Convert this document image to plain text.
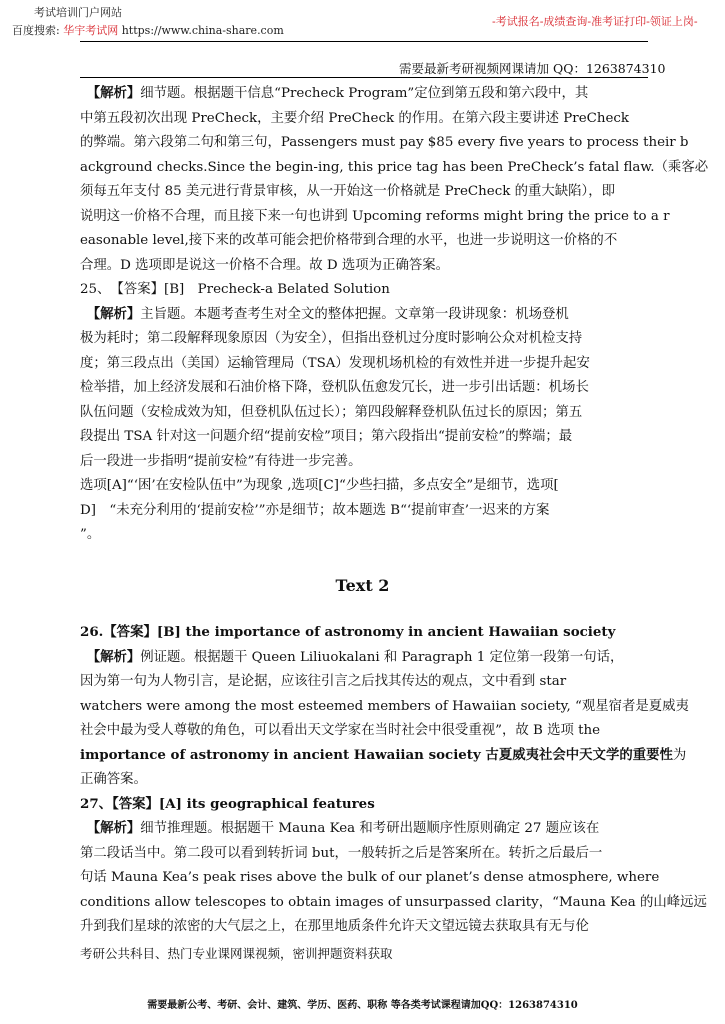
考试培训门户网站
百度搜索: 华宇考试网 https://www.china-share.com
-考试报名-成绩查询-准考证打印-领证上岗-
需要最新考研视频网课请加 QQ：1263874310
　【解析】细节题。根据题干信息“Precheck Program”定位到第五段和第六段中，其
中第五段初次出现 PreCheck，主要介绍 PreCheck 的作用。在第六段主要讲述 PreCheck
的弊端。第六段第二句和第三句，Passengers must pay $85 every five years to process their b
ackground checks.Since the begin-ing, this price tag has been PreCheck’s fatal flaw.（乘客必
须每五年支付 85 美元进行背景审核，从一开始这一价格就是 PreCheck 的重大缺陷），即
说明这一价格不合理，而且接下来一句也讲到 Upcoming reforms might bring the price to a r
easonable level,接下来的改革可能会把价格带到合理的水平，也进一步说明这一价格的不
合理。D 选项即是说这一价格不合理。故 D 选项为正确答案。
25、　【答案】[B]　Precheck-a Belated Solution
　【解析】主旨题。本题考查考生对全文的整体把握。文章第一段讲现象：机场登机
极为耗时；第二段解释现象原因（为安全），但指出登机过分度时影响公众对机检支持
度；第三段点出（美国）运输管理局（TSA）发现机场机检的有效性并进一步提升起安
检举措，加上经济发展和石油价格下降，登机队伍愈发冗长，进一步引出话题：机场长
队伍问题（安检成效为知，但登机队伍过长）；第四段解释登机队伍过长的原因；第五
段提出 TSA 针对这一问题介绍“提前安检”项目；第六段指出“提前安检”的弊端；最
后一段进一步指明“提前安检”有待进一步完善。
选项[A]“‘困’在安检队伍中”为现象 ,选项[C]“少些扫描，多点安全”是细节，选项[
D]　“未充分利用的‘提前安检’”亦是细节；故本题选 B“‘提前审查’一迟来的方案
”。
Text 2
26.【答案】[B] the importance of astronomy in ancient Hawaiian society
　【解析】例证题。根据题干 Queen Liliuokalani 和 Paragraph 1 定位第一段第一句话，
因为第一句为人物引言，是论据，应该往引言之后找其传达的观点，文中看到 star
watchers were among the most esteemed members of Hawaiian society, “观星宿者是夏威夷
社会中最为受人尊敬的角色，可以看出天文学家在当时社会中很受重视”，故 B 选项 the
importance of astronomy in ancient Hawaiian society 古夏威夷社会中天文学的重要性为
正确答案。
27、【答案】[A] its geographical features
　【解析】细节推理题。根据题干 Mauna Kea 和考研出题顺序性原则确定 27 题应该在
第二段话当中。第二段可以看到转折词 but，一般转折之后是答案所在。转折之后最后一
句话 Mauna Kea’s peak rises above the bulk of our planet’s dense atmosphere, where
conditions allow telescopes to obtain images of unsurpassed clarity，“Mauna Kea 的山峰远远
升到我们星球的浓密的大气层之上，在那里地质条件允许天文望远镜去获取具有无与伦
考研公共科目、热门专业课网课视频，密训押题资料获取
需要最新公考、考研、会计、建筑、学历、医药、职称 等各类考试课程请加QQ：1263874310
